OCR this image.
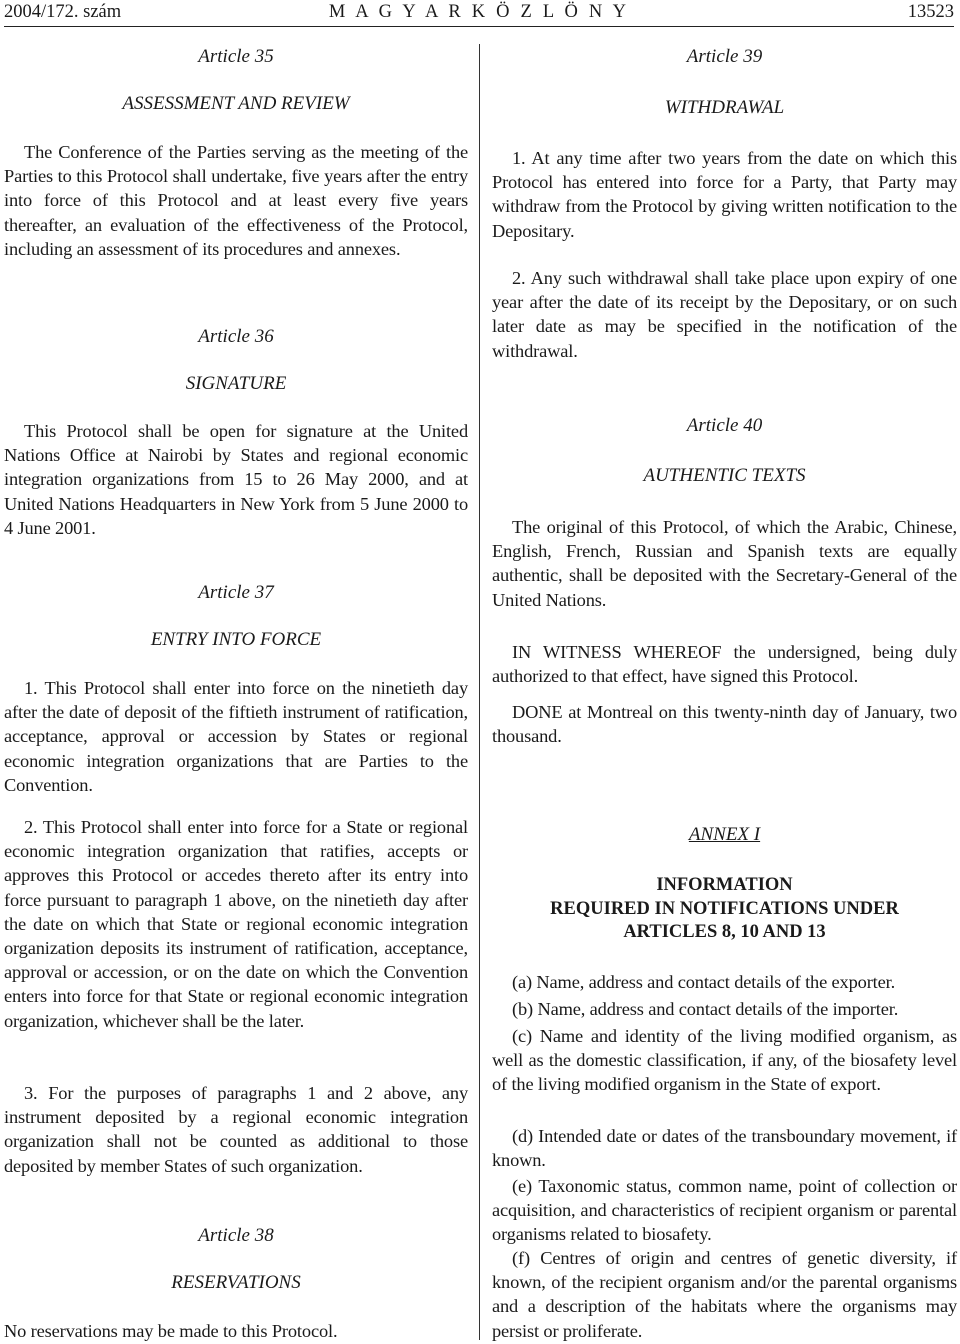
2004/172. szám	M A G Y A R K Ö Z L Ö N Y	13523

Article 35

ASSESSMENT AND REVIEW

The Conference of the Parties serving as the meeting of the Parties to this Protocol shall undertake, five years after the entry into force of this Protocol and at least every five years thereafter, an evaluation of the effectiveness of the Protocol, including an assessment of its procedures and annexes.

Article 36

SIGNATURE

This Protocol shall be open for signature at the United Nations Office at Nairobi by States and regional economic integration organizations from 15 to 26 May 2000, and at United Nations Headquarters in New York from 5 June 2000 to 4 June 2001.

Article 37

ENTRY INTO FORCE

1. This Protocol shall enter into force on the ninetieth day after the date of deposit of the fiftieth instrument of ratification, acceptance, approval or accession by States or regional economic integration organizations that are Parties to the Convention.

2. This Protocol shall enter into force for a State or regional economic integration organization that ratifies, accepts or approves this Protocol or accedes thereto after its entry into force pursuant to paragraph 1 above, on the ninetieth day after the date on which that State or regional economic integration organization deposits its instrument of ratification, acceptance, approval or accession, or on the date on which the Convention enters into force for that State or regional economic integration organization, whichever shall be the later.

3. For the purposes of paragraphs 1 and 2 above, any instrument deposited by a regional economic integration organization shall not be counted as additional to those deposited by member States of such organization.

Article 38

RESERVATIONS

No reservations may be made to this Protocol.

Article 39

WITHDRAWAL

1. At any time after two years from the date on which this Protocol has entered into force for a Party, that Party may withdraw from the Protocol by giving written notification to the Depositary.

2. Any such withdrawal shall take place upon expiry of one year after the date of its receipt by the Depositary, or on such later date as may be specified in the notification of the withdrawal.

Article 40

AUTHENTIC TEXTS

The original of this Protocol, of which the Arabic, Chinese, English, French, Russian and Spanish texts are equally authentic, shall be deposited with the Secretary-General of the United Nations.

IN WITNESS WHEREOF the undersigned, being duly authorized to that effect, have signed this Protocol.

DONE at Montreal on this twenty-ninth day of January, two thousand.

ANNEX I

INFORMATION

REQUIRED IN NOTIFICATIONS UNDER

ARTICLES 8, 10 AND 13

(a) Name, address and contact details of the exporter.

(b) Name, address and contact details of the importer.

(c) Name and identity of the living modified organism, as well as the domestic classification, if any, of the biosafety level of the living modified organism in the State of export.

(d) Intended date or dates of the transboundary movement, if known.

(e) Taxonomic status, common name, point of collection or acquisition, and characteristics of recipient organism or parental organisms related to biosafety.

(f) Centres of origin and centres of genetic diversity, if known, of the recipient organism and/or the parental organisms and a description of the habitats where the organisms may persist or proliferate.
